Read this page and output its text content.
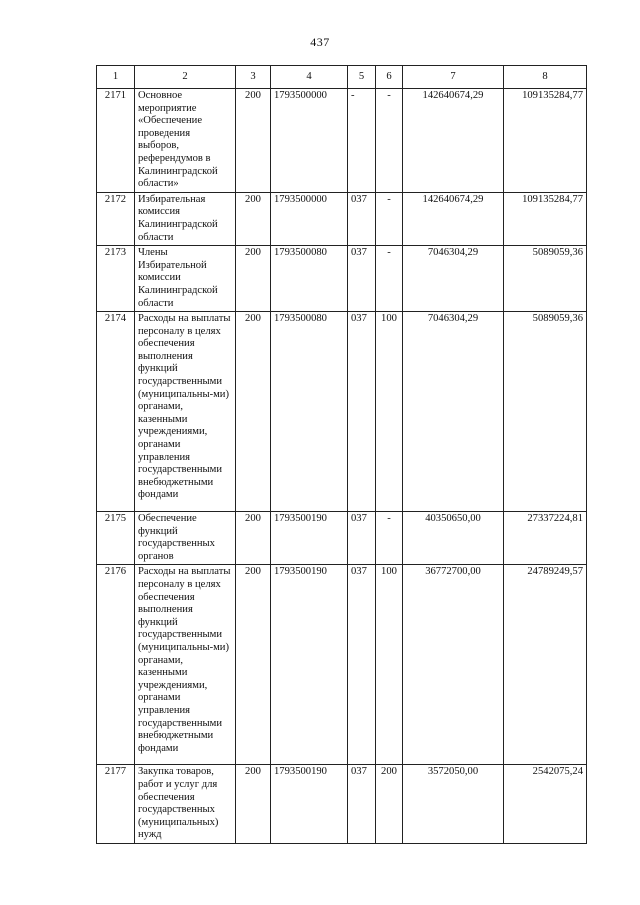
437
1	2	3	4	5	6	7	8
2171	Основное мероприятие «Обеспечение проведения выборов, референдумов в Калининградской области»	200	1793500000	-	-	142640674,29	109135284,77
2172	Избирательная комиссия Калининградской области	200	1793500000	037	-	142640674,29	109135284,77
2173	Члены Избирательной комиссии Калининградской области	200	1793500080	037	-	7046304,29	5089059,36
2174	Расходы на выплаты персоналу в целях обеспечения выполнения функций государственными (муниципальны-ми) органами, казенными учреждениями, органами управления государственными внебюджетными фондами	200	1793500080	037	100	7046304,29	5089059,36
2175	Обеспечение функций государственных органов	200	1793500190	037	-	40350650,00	27337224,81
2176	Расходы на выплаты персоналу в целях обеспечения выполнения функций государственными (муниципальны-ми) органами, казенными учреждениями, органами управления государственными внебюджетными фондами	200	1793500190	037	100	36772700,00	24789249,57
2177	Закупка товаров, работ и услуг для обеспечения государственных (муниципальных) нужд	200	1793500190	037	200	3572050,00	2542075,24
